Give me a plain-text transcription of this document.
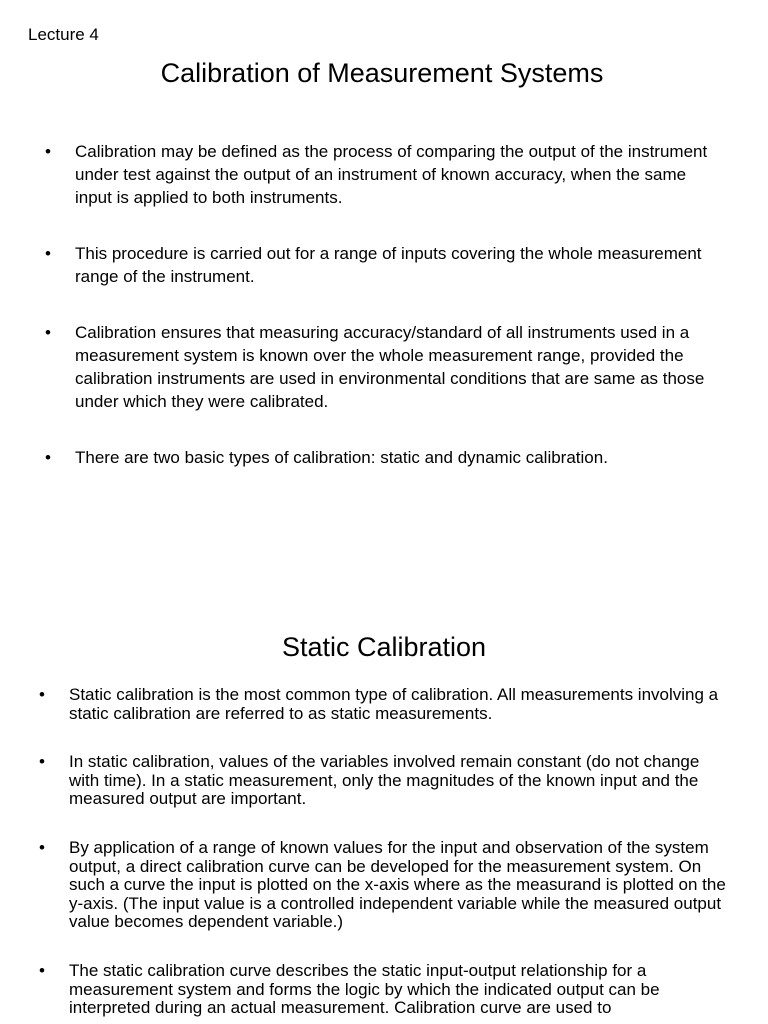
Lecture 4
Calibration of Measurement Systems
• Calibration may be defined as the process of comparing the output of the instrument under test against the output of an instrument of known accuracy, when the same input is applied to both instruments.
• This procedure is carried out for a range of inputs covering the whole measurement range of the instrument.
• Calibration ensures that measuring accuracy/standard of all instruments used in a measurement system is known over the whole measurement range, provided the calibration instruments are used in environmental conditions that are same as those under which they were calibrated.
• There are two basic types of calibration: static and dynamic calibration.
Static Calibration
• Static calibration is the most common type of calibration. All measurements involving a static calibration are referred to as static measurements.
• In static calibration, values of the variables involved remain constant (do not change with time). In a static measurement, only the magnitudes of the known input and the measured output are important.
• By application of a range of known values for the input and observation of the system output, a direct calibration curve can be developed for the measurement system. On such a curve the input is plotted on the x-axis where as the measurand is plotted on the y-axis. (The input value is a controlled independent variable while the measured output value becomes dependent variable.)
• The static calibration curve describes the static input-output relationship for a measurement system and forms the logic by which the indicated output can be interpreted during an actual measurement. Calibration curve are used to
